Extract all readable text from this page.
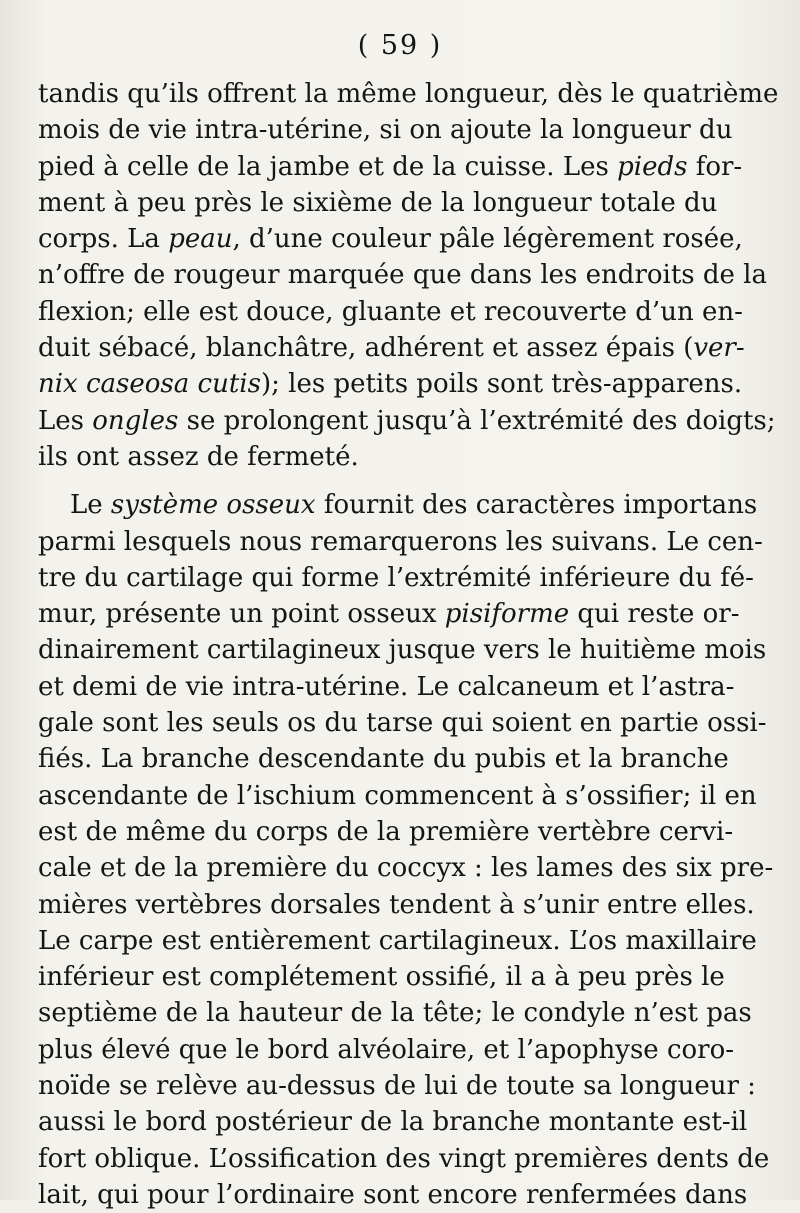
( 59 )
tandis qu’ils offrent la même longueur, dès le quatrième
mois de vie intra-utérine, si on ajoute la longueur du
pied à celle de la jambe et de la cuisse. Les pieds for-
ment à peu près le sixième de la longueur totale du
corps. La peau, d’une couleur pâle légèrement rosée,
n’offre de rougeur marquée que dans les endroits de la
flexion; elle est douce, gluante et recouverte d’un en-
duit sébacé, blanchâtre, adhérent et assez épais (ver-
nix caseosa cutis); les petits poils sont très-apparens.
Les ongles se prolongent jusqu’à l’extrémité des doigts;
ils ont assez de fermeté.
Le système osseux fournit des caractères importans
parmi lesquels nous remarquerons les suivans. Le cen-
tre du cartilage qui forme l’extrémité inférieure du fé-
mur, présente un point osseux pisiforme qui reste or-
dinairement cartilagineux jusque vers le huitième mois
et demi de vie intra-utérine. Le calcaneum et l’astra-
gale sont les seuls os du tarse qui soient en partie ossi-
fiés. La branche descendante du pubis et la branche
ascendante de l’ischium commencent à s’ossifier; il en
est de même du corps de la première vertèbre cervi-
cale et de la première du coccyx : les lames des six pre-
mières vertèbres dorsales tendent à s’unir entre elles.
Le carpe est entièrement cartilagineux. L’os maxillaire
inférieur est complétement ossifié, il a à peu près le
septième de la hauteur de la tête; le condyle n’est pas
plus élevé que le bord alvéolaire, et l’apophyse coro-
noïde se relève au-dessus de lui de toute sa longueur :
aussi le bord postérieur de la branche montante est-il
fort oblique. L’ossification des vingt premières dents de
lait, qui pour l’ordinaire sont encore renfermées dans
